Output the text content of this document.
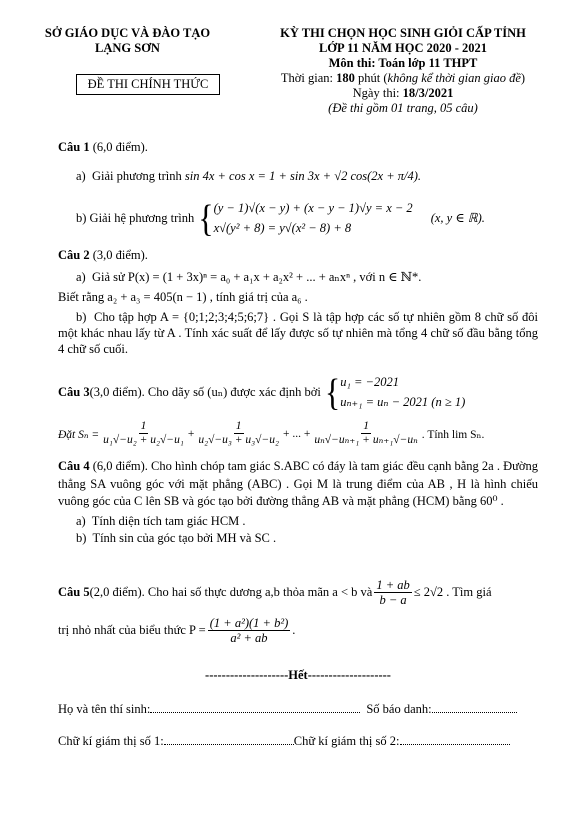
SỞ GIÁO DỤC VÀ ĐÀO TẠO
LẠNG SƠN
ĐỀ THI CHÍNH THỨC
KỲ THI CHỌN HỌC SINH GIỎI CẤP TỈNH
LỚP 11 NĂM HỌC 2020 - 2021
Môn thi: Toán lớp 11 THPT
Thời gian: 180 phút (không kể thời gian giao đề)
Ngày thi: 18/3/2021
(Đề thi gồm 01 trang, 05 câu)

Câu 1 (6,0 điểm).

a) Giải phương trình sin 4x + cos x = 1 + sin 3x + √2 cos(2x + π/4).

b)
Giải hệ phương trình { (y − 1)√(x − y) + (x − y − 1)√y = x − 2
x√(y² + 8) = y√(x² − 8) + 8
(x, y ∈ ℝ).

Câu 2 (3,0 điểm).

a) Giả sử P(x) = (1 + 3x)ⁿ = a₀ + a₁x + a₂x² + ... + aₙxⁿ , với n ∈ ℕ*.

Biết rằng a₂ + a₃ = 405(n − 1) , tính giá trị của a₆ .

b) Cho tập hợp A = {0;1;2;3;4;5;6;7} . Gọi S là tập hợp các số tự nhiên gồm 8 chữ số đôi một khác nhau lấy từ A . Tính xác suất để lấy được số tự nhiên mà tổng 4 chữ số đầu bằng tổng 4 chữ số cuối.

Câu 3 (3,0 điểm). Cho dãy số (uₙ) được xác định bởi { u₁ = −2021
uₙ₊₁ = uₙ − 2021 (n ≥ 1)
Đặt $S_n = \frac{1}{\text{u₁√−u₂ + u₂√−u₁}} + \frac{1}{\text{u₂√−u₃ + u₃√−u₂}}$ + ... + $\frac{1}{\text{uₙ√−uₙ₊₁ + uₙ₊₁√−uₙ}}$ . Tính lim Sₙ.

Câu 4 (6,0 điểm). Cho hình chóp tam giác S.ABC có đáy là tam giác đều cạnh bằng 2a . Đường thẳng SA vuông góc với mặt phẳng (ABC) . Gọi M là trung điểm của AB , H là hình chiếu vuông góc của C lên SB và góc tạo bởi đường thẳng AB và mặt phẳng (HCM) bằng 60⁰ .

a) Tính diện tích tam giác HCM .

b) Tính sin của góc tạo bởi MH và SC .

Câu 5 (2,0 điểm). Cho hai số thực dương a,b thỏa mãn a < b và $\frac{1 + ab}{b - a} \le 2√2$ . Tìm giá
trị nhỏ nhất của biểu thức $P = \frac{\text{(1 + a²)(1 + b²)}}{\text{a² + ab}}$ .
--------------------Hết--------------------
Họ và tên thí sinh:	Số báo danh:
Chữ kí giám thị số 1:	Chữ kí giám thị số 2:
